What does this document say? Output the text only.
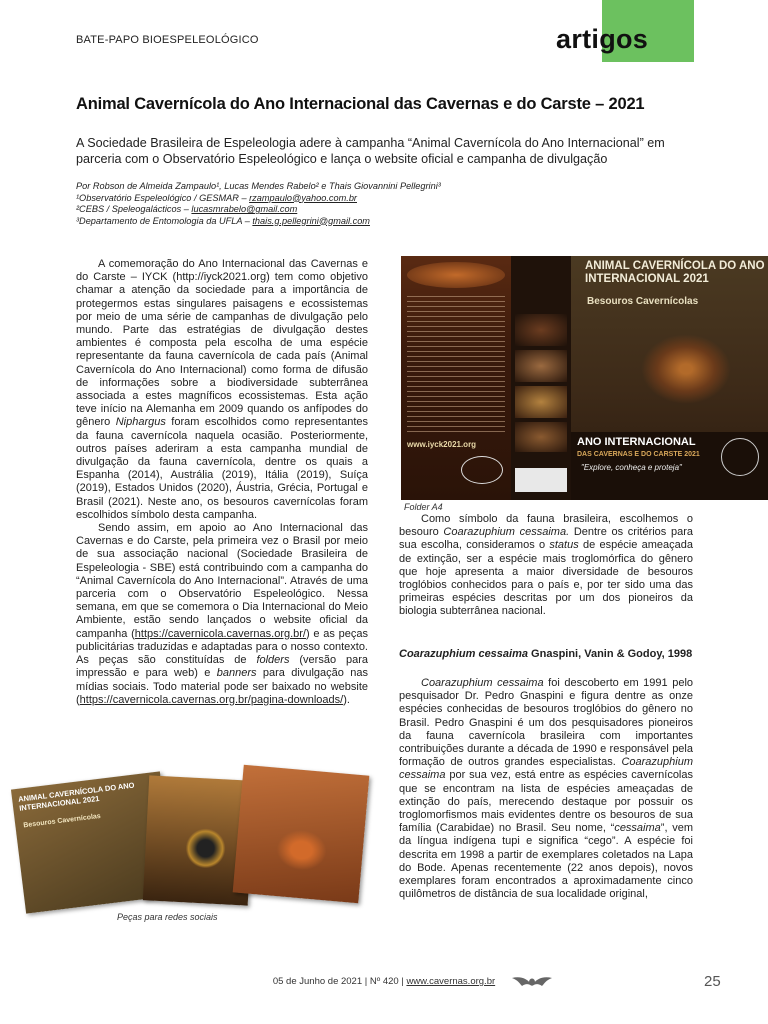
BATE-PAPO BIOESPELEOLÓGICO	artigos
Animal Cavernícola do Ano Internacional das Cavernas e do Carste – 2021
A Sociedade Brasileira de Espeleologia adere à campanha “Animal Cavernícola do Ano Internacional” em parceria com o Observatório Espeleológico e lança o website oficial e campanha de divulgação
Por Robson de Almeida Zampaulo¹, Lucas Mendes Rabelo² e Thais Giovannini Pellegrini³
¹Observatório Espeleológico / GESMAR – rzampaulo@yahoo.com.br
²CEBS / Speleogalácticos – lucasmrabelo@gmail.com
³Departamento de Entomologia da UFLA – thais.g.pellegrini@gmail.com

A comemoração do Ano Internacional das Cavernas e do Carste – IYCK (http://iyck2021.org) tem como objetivo chamar a atenção da sociedade para a importância de protegermos estas singulares paisagens e ecossistemas por meio de uma série de campanhas de divulgação pelo mundo. Parte das estratégias de divulgação destes ambientes é composta pela escolha de uma espécie representante da fauna cavernícola de cada país (Animal Cavernícola do Ano Internacional) como forma de difusão de informações sobre a biodiversidade subterrânea associada a estes magníficos ecossistemas. Esta ação teve início na Alemanha em 2009 quando os anfípodes do gênero Niphargus foram escolhidos como representantes da fauna cavernícola naquela ocasião. Posteriormente, outros países aderiram a esta campanha mundial de divulgação da fauna cavernícola, dentre os quais a Espanha (2014), Austrália (2019), Itália (2019), Suíça (2019), Estados Unidos (2020), Áustria, Grécia, Portugal e Brasil (2021). Neste ano, os besouros cavernícolas foram escolhidos símbolo desta campanha.

Sendo assim, em apoio ao Ano Internacional das Cavernas e do Carste, pela primeira vez o Brasil por meio de sua associação nacional (Sociedade Brasileira de Espeleologia - SBE) está contribuindo com a campanha do “Animal Cavernícola do Ano Internacional”. Através de uma parceria com o Observatório Espeleológico. Nessa semana, em que se comemora o Dia Internacional do Meio Ambiente, estão sendo lançados o website oficial da campanha (https://cavernicola.cavernas.org.br/) e as peças publicitárias traduzidas e adaptadas para o nosso contexto. As peças são constituídas de folders (versão para impressão e para web) e banners para divulgação nas mídias sociais. Todo material pode ser baixado no website (https://cavernicola.cavernas.org.br/pagina-downloads/).

www.iyck2021.org
ANIMAL CAVERNÍCOLA DO ANO INTERNACIONAL 2021
Besouros Cavernícolas
ANO INTERNACIONAL
DAS CAVERNAS E DO CARSTE 2021
"Explore, conheça e proteja"
Folder A4

Como símbolo da fauna brasileira, escolhemos o besouro Coarazuphium cessaima. Dentre os critérios para sua escolha, consideramos o status de espécie ameaçada de extinção, ser a espécie mais troglomórfica do gênero que hoje apresenta a maior diversidade de besouros troglóbios conhecidos para o país e, por ter sido uma das primeiras espécies descritas por um dos pioneiros da biologia subterrânea nacional.

Coarazuphium cessaima Gnaspini, Vanin & Godoy, 1998

Coarazuphium cessaima foi descoberto em 1991 pelo pesquisador Dr. Pedro Gnaspini e figura dentre as onze espécies conhecidas de besouros troglóbios do gênero no Brasil. Pedro Gnaspini é um dos pesquisadores pioneiros da fauna cavernícola brasileira com importantes contribuições durante a década de 1990 e responsável pela formação de outros grandes especialistas. Coarazuphium cessaima por sua vez, está entre as espécies cavernícolas que se encontram na lista de espécies ameaçadas de extinção do país, merecendo destaque por possuir os troglomorfismos mais evidentes dentre os besouros de sua família (Carabidae) no Brasil. Seu nome, “cessaima”, vem da língua indígena tupi e significa “cego”. A espécie foi descrita em 1998 a partir de exemplares coletados na Lapa do Bode. Apenas recentemente (22 anos depois), novos exemplares foram encontrados a aproximadamente cinco quilômetros de distância de sua localidade original,

ANIMAL CAVERNÍCOLA DO ANO INTERNACIONAL 2021
Besouros Cavernícolas
Peças para redes sociais
05 de Junho de 2021 | Nº 420 | www.cavernas.org.br	25
